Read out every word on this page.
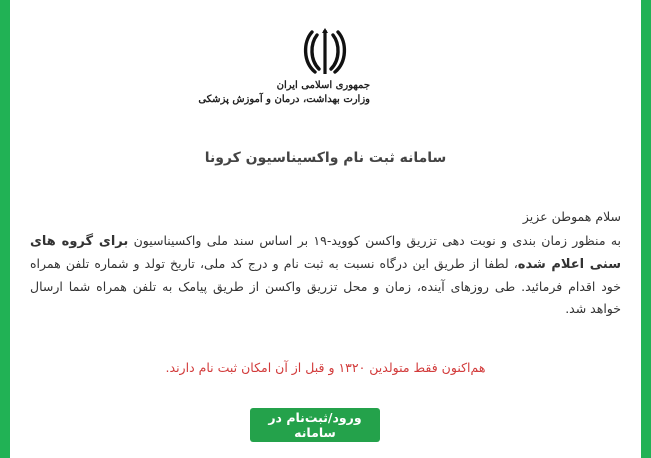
جمهوری اسلامی ایران
وزارت بهداشت، درمان و آموزش پزشکی
سامانه ثبت نام واکسیناسیون کرونا

سلام هموطن عزیز

به منظور زمان بندی و نوبت دهی تزریق واکسن کووید-۱۹ بر اساس سند ملی واکسیناسیون برای گروه های سنی اعلام شده، لطفا از طریق این درگاه نسبت به ثبت نام و درج کد ملی، تاریخ تولد و شماره تلفن همراه خود اقدام فرمائید. طی روزهای آینده، زمان و محل تزریق واکسن از طریق پیامک به تلفن همراه شما ارسال خواهد شد.

هم‌اکنون فقط متولدین ۱۳۲۰ و قبل از آن امکان ثبت نام دارند.
ورود/ثبت‌نام در سامانه
